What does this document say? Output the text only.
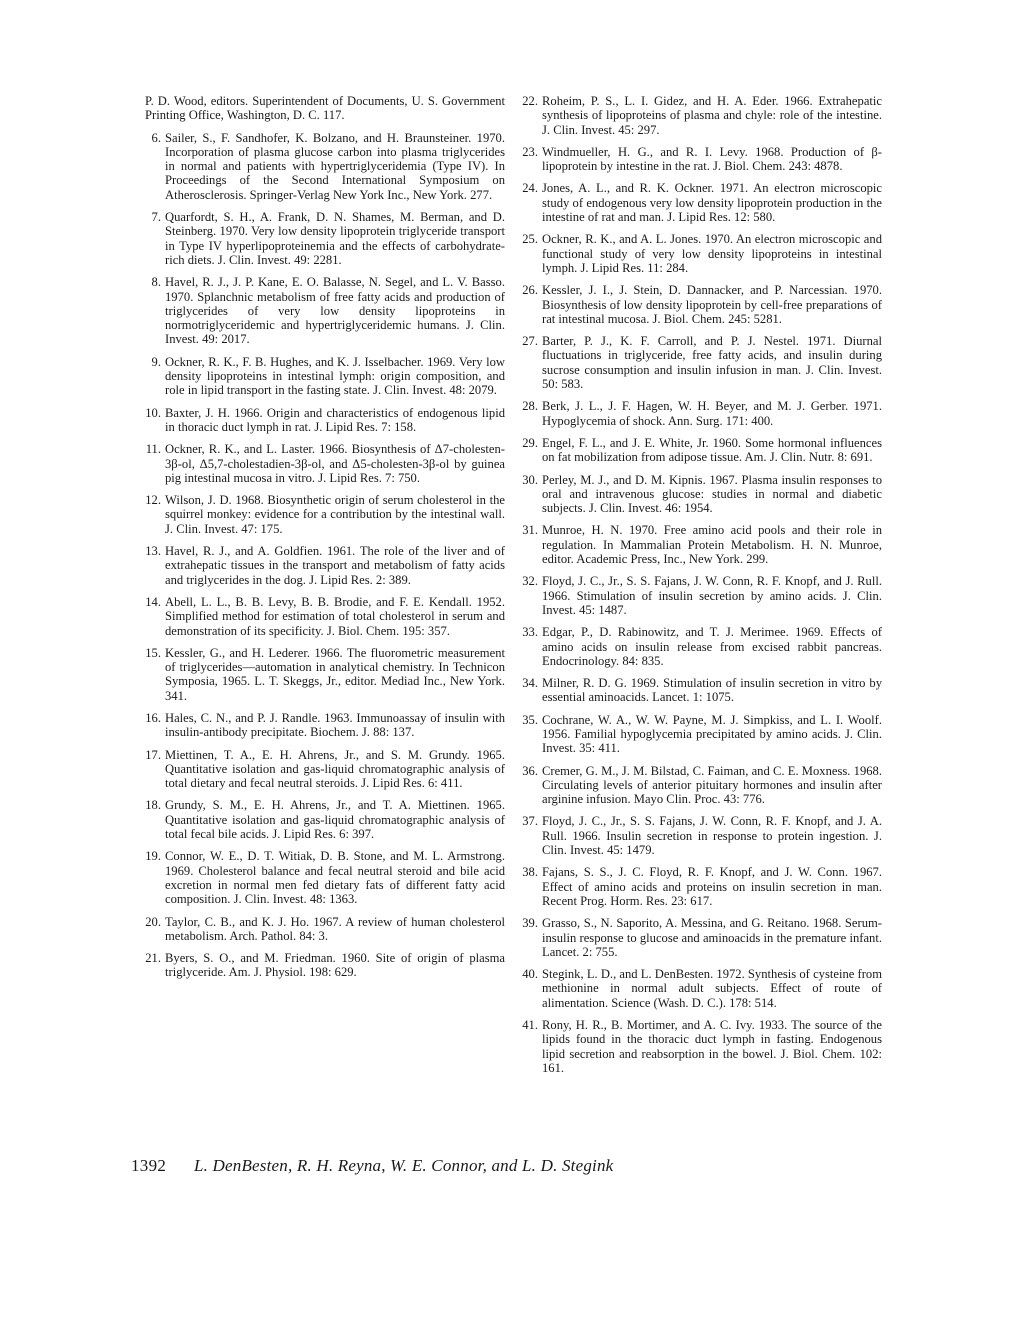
P. D. Wood, editors. Superintendent of Documents, U. S. Government Printing Office, Washington, D. C. 117.
6. Sailer, S., F. Sandhofer, K. Bolzano, and H. Braunsteiner. 1970. Incorporation of plasma glucose carbon into plasma triglycerides in normal and patients with hypertriglyceridemia (Type IV). In Proceedings of the Second International Symposium on Atherosclerosis. Springer-Verlag New York Inc., New York. 277.
7. Quarfordt, S. H., A. Frank, D. N. Shames, M. Berman, and D. Steinberg. 1970. Very low density lipoprotein triglyceride transport in Type IV hyperlipoproteinemia and the effects of carbohydrate-rich diets. J. Clin. Invest. 49: 2281.
8. Havel, R. J., J. P. Kane, E. O. Balasse, N. Segel, and L. V. Basso. 1970. Splanchnic metabolism of free fatty acids and production of triglycerides of very low density lipoproteins in normotriglyceridemic and hypertriglyceridemic humans. J. Clin. Invest. 49: 2017.
9. Ockner, R. K., F. B. Hughes, and K. J. Isselbacher. 1969. Very low density lipoproteins in intestinal lymph: origin composition, and role in lipid transport in the fasting state. J. Clin. Invest. 48: 2079.
10. Baxter, J. H. 1966. Origin and characteristics of endogenous lipid in thoracic duct lymph in rat. J. Lipid Res. 7: 158.
11. Ockner, R. K., and L. Laster. 1966. Biosynthesis of Δ7-cholesten-3β-ol, Δ5,7-cholestadien-3β-ol, and Δ5-cholesten-3β-ol by guinea pig intestinal mucosa in vitro. J. Lipid Res. 7: 750.
12. Wilson, J. D. 1968. Biosynthetic origin of serum cholesterol in the squirrel monkey: evidence for a contribution by the intestinal wall. J. Clin. Invest. 47: 175.
13. Havel, R. J., and A. Goldfien. 1961. The role of the liver and of extrahepatic tissues in the transport and metabolism of fatty acids and triglycerides in the dog. J. Lipid Res. 2: 389.
14. Abell, L. L., B. B. Levy, B. B. Brodie, and F. E. Kendall. 1952. Simplified method for estimation of total cholesterol in serum and demonstration of its specificity. J. Biol. Chem. 195: 357.
15. Kessler, G., and H. Lederer. 1966. The fluorometric measurement of triglycerides—automation in analytical chemistry. In Technicon Symposia, 1965. L. T. Skeggs, Jr., editor. Mediad Inc., New York. 341.
16. Hales, C. N., and P. J. Randle. 1963. Immunoassay of insulin with insulin-antibody precipitate. Biochem. J. 88: 137.
17. Miettinen, T. A., E. H. Ahrens, Jr., and S. M. Grundy. 1965. Quantitative isolation and gas-liquid chromatographic analysis of total dietary and fecal neutral steroids. J. Lipid Res. 6: 411.
18. Grundy, S. M., E. H. Ahrens, Jr., and T. A. Miettinen. 1965. Quantitative isolation and gas-liquid chromatographic analysis of total fecal bile acids. J. Lipid Res. 6: 397.
19. Connor, W. E., D. T. Witiak, D. B. Stone, and M. L. Armstrong. 1969. Cholesterol balance and fecal neutral steroid and bile acid excretion in normal men fed dietary fats of different fatty acid composition. J. Clin. Invest. 48: 1363.
20. Taylor, C. B., and K. J. Ho. 1967. A review of human cholesterol metabolism. Arch. Pathol. 84: 3.
21. Byers, S. O., and M. Friedman. 1960. Site of origin of plasma triglyceride. Am. J. Physiol. 198: 629.
22. Roheim, P. S., L. I. Gidez, and H. A. Eder. 1966. Extrahepatic synthesis of lipoproteins of plasma and chyle: role of the intestine. J. Clin. Invest. 45: 297.
23. Windmueller, H. G., and R. I. Levy. 1968. Production of β-lipoprotein by intestine in the rat. J. Biol. Chem. 243: 4878.
24. Jones, A. L., and R. K. Ockner. 1971. An electron microscopic study of endogenous very low density lipoprotein production in the intestine of rat and man. J. Lipid Res. 12: 580.
25. Ockner, R. K., and A. L. Jones. 1970. An electron microscopic and functional study of very low density lipoproteins in intestinal lymph. J. Lipid Res. 11: 284.
26. Kessler, J. I., J. Stein, D. Dannacker, and P. Narcessian. 1970. Biosynthesis of low density lipoprotein by cell-free preparations of rat intestinal mucosa. J. Biol. Chem. 245: 5281.
27. Barter, P. J., K. F. Carroll, and P. J. Nestel. 1971. Diurnal fluctuations in triglyceride, free fatty acids, and insulin during sucrose consumption and insulin infusion in man. J. Clin. Invest. 50: 583.
28. Berk, J. L., J. F. Hagen, W. H. Beyer, and M. J. Gerber. 1971. Hypoglycemia of shock. Ann. Surg. 171: 400.
29. Engel, F. L., and J. E. White, Jr. 1960. Some hormonal influences on fat mobilization from adipose tissue. Am. J. Clin. Nutr. 8: 691.
30. Perley, M. J., and D. M. Kipnis. 1967. Plasma insulin responses to oral and intravenous glucose: studies in normal and diabetic subjects. J. Clin. Invest. 46: 1954.
31. Munroe, H. N. 1970. Free amino acid pools and their role in regulation. In Mammalian Protein Metabolism. H. N. Munroe, editor. Academic Press, Inc., New York. 299.
32. Floyd, J. C., Jr., S. S. Fajans, J. W. Conn, R. F. Knopf, and J. Rull. 1966. Stimulation of insulin secretion by amino acids. J. Clin. Invest. 45: 1487.
33. Edgar, P., D. Rabinowitz, and T. J. Merimee. 1969. Effects of amino acids on insulin release from excised rabbit pancreas. Endocrinology. 84: 835.
34. Milner, R. D. G. 1969. Stimulation of insulin secretion in vitro by essential aminoacids. Lancet. 1: 1075.
35. Cochrane, W. A., W. W. Payne, M. J. Simpkiss, and L. I. Woolf. 1956. Familial hypoglycemia precipitated by amino acids. J. Clin. Invest. 35: 411.
36. Cremer, G. M., J. M. Bilstad, C. Faiman, and C. E. Moxness. 1968. Circulating levels of anterior pituitary hormones and insulin after arginine infusion. Mayo Clin. Proc. 43: 776.
37. Floyd, J. C., Jr., S. S. Fajans, J. W. Conn, R. F. Knopf, and J. A. Rull. 1966. Insulin secretion in response to protein ingestion. J. Clin. Invest. 45: 1479.
38. Fajans, S. S., J. C. Floyd, R. F. Knopf, and J. W. Conn. 1967. Effect of amino acids and proteins on insulin secretion in man. Recent Prog. Horm. Res. 23: 617.
39. Grasso, S., N. Saporito, A. Messina, and G. Reitano. 1968. Serum-insulin response to glucose and aminoacids in the premature infant. Lancet. 2: 755.
40. Stegink, L. D., and L. DenBesten. 1972. Synthesis of cysteine from methionine in normal adult subjects. Effect of route of alimentation. Science (Wash. D. C.). 178: 514.
41. Rony, H. R., B. Mortimer, and A. C. Ivy. 1933. The source of the lipids found in the thoracic duct lymph in fasting. Endogenous lipid secretion and reabsorption in the bowel. J. Biol. Chem. 102: 161.
1392 L. DenBesten, R. H. Reyna, W. E. Connor, and L. D. Stegink
